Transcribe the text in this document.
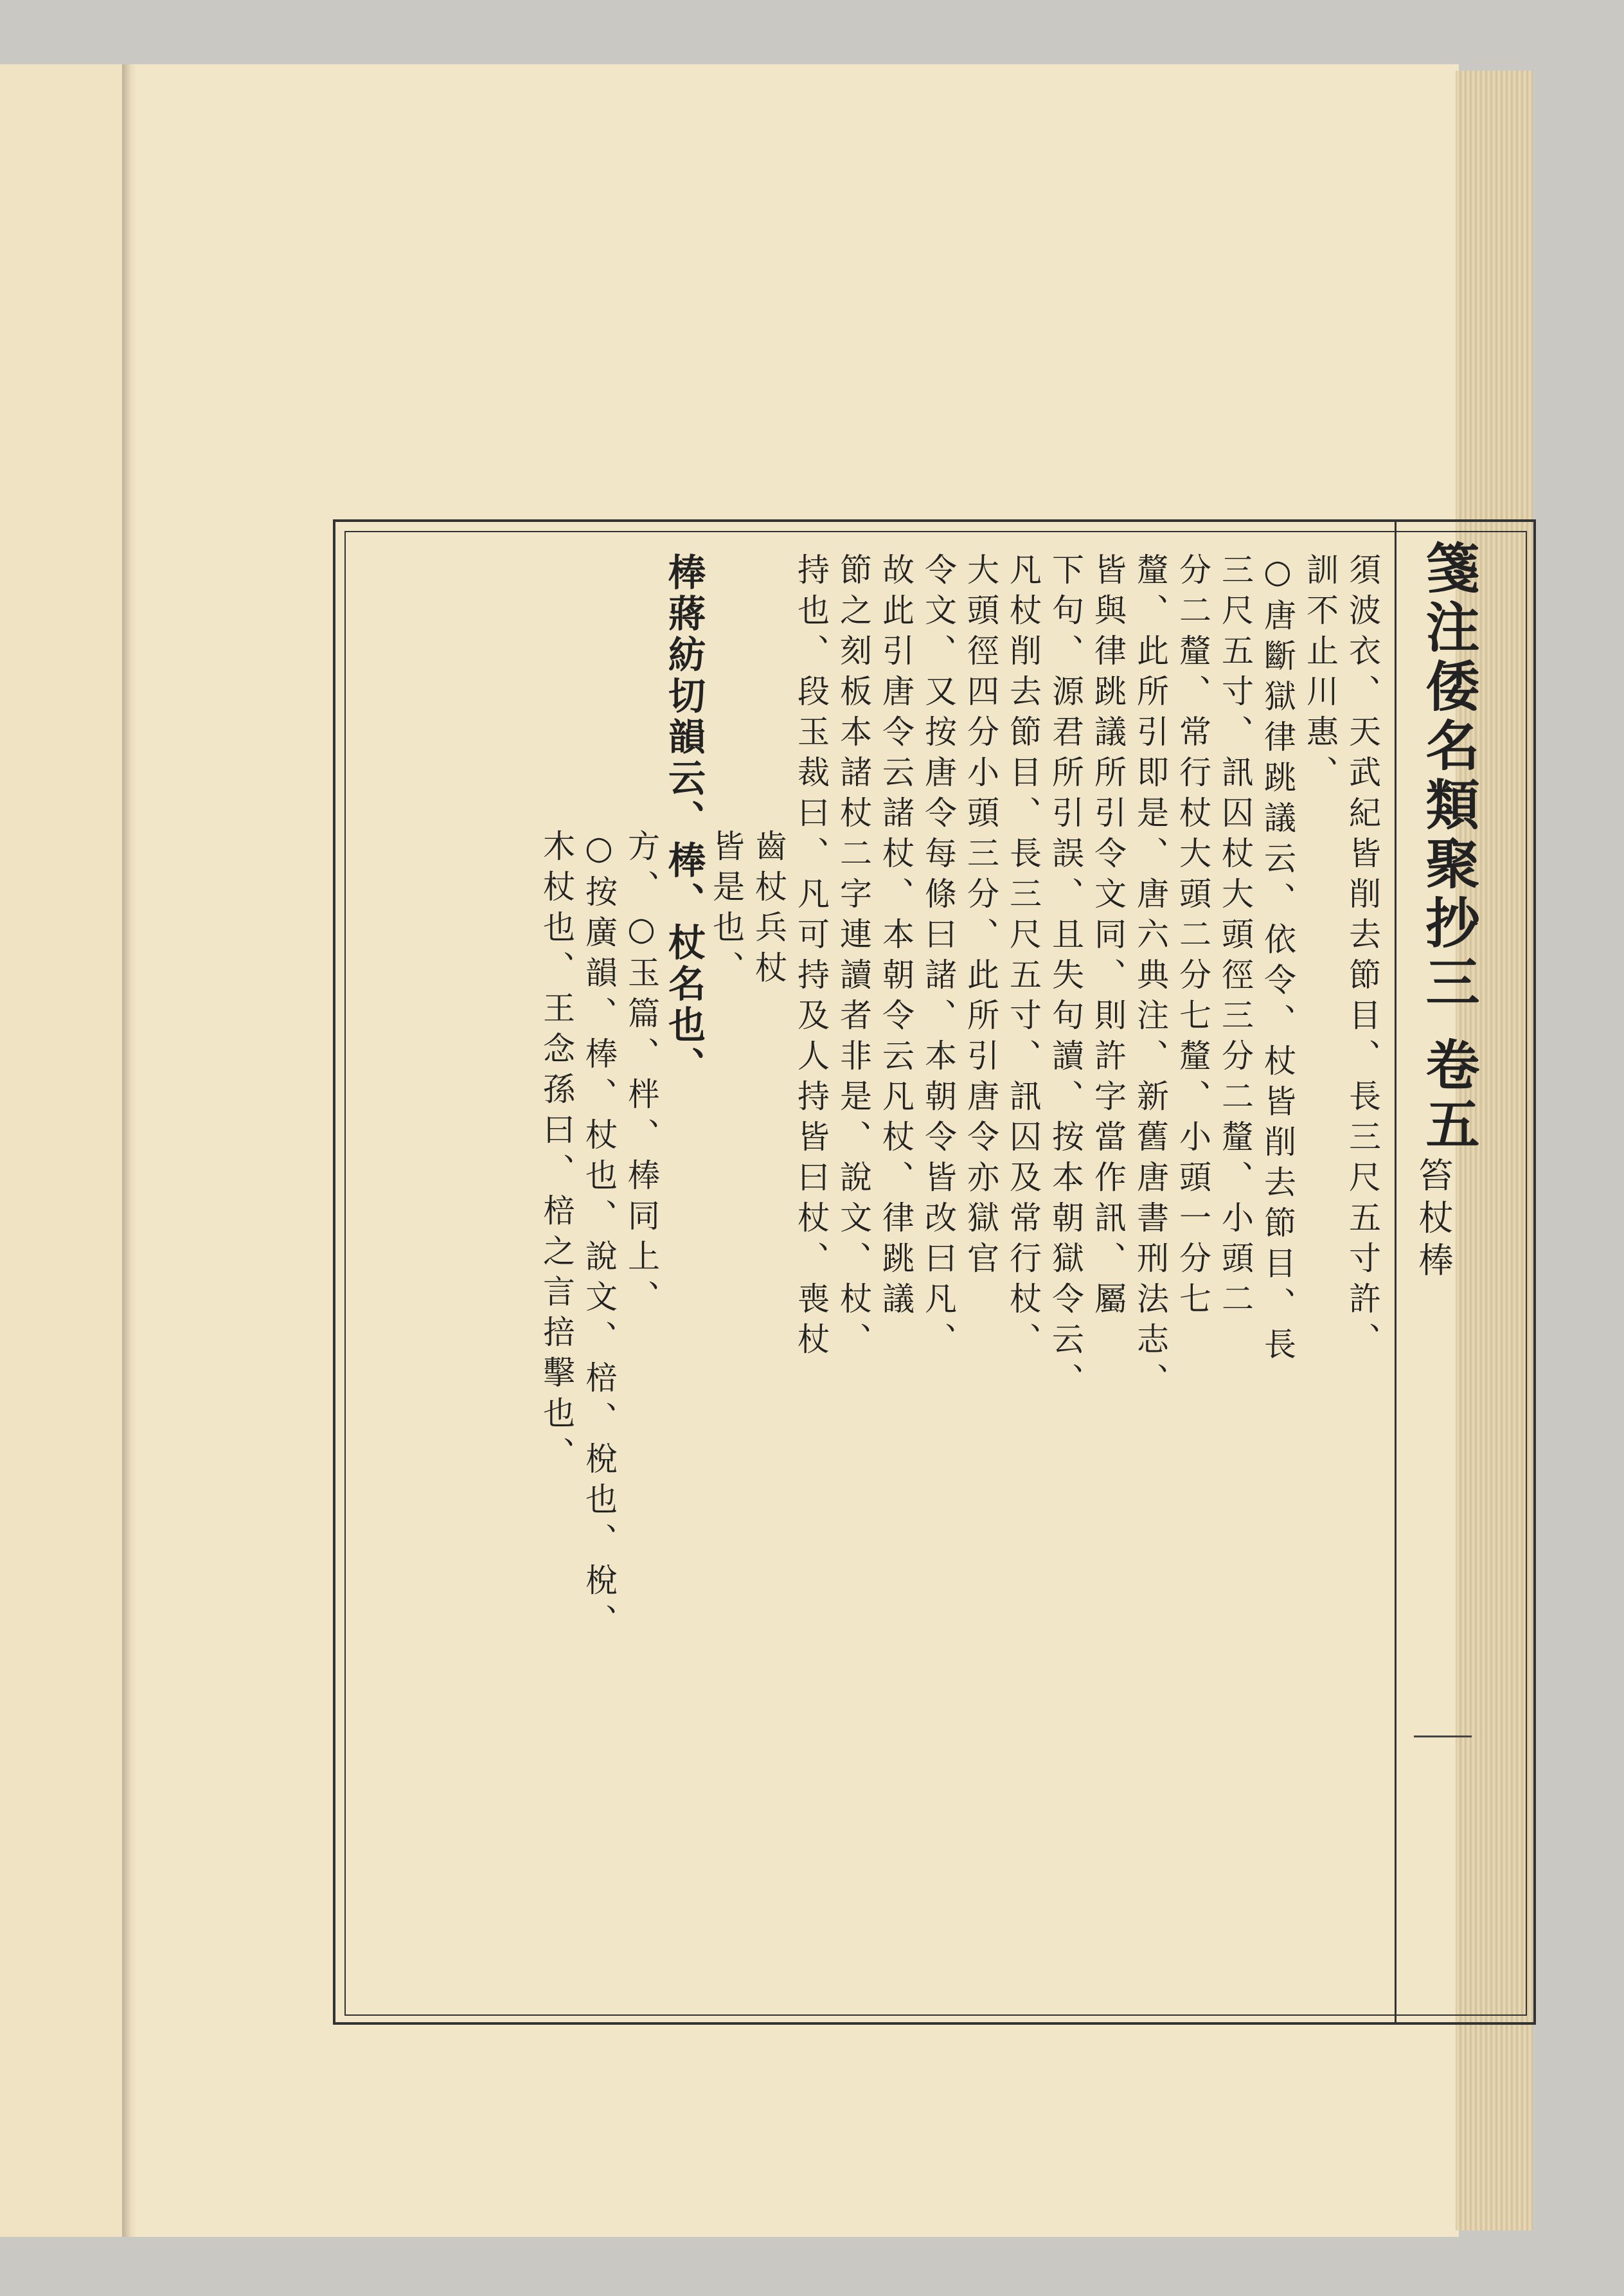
箋注倭名類聚抄三 卷五
笞杖棒
須波衣、天武紀皆削去節目、長三尺五寸許、
訓不止川惠、
○唐斷獄律跳議云、依令、杖皆削去節目、長
三尺五寸、訊囚杖大頭徑三分二釐、小頭二
分二釐、常行杖大頭二分七釐、小頭一分七
釐、此所引即是、唐六典注、新舊唐書刑法志、
皆與律跳議所引令文同、則許字當作訊、屬
下句、源君所引誤、且失句讀、按本朝獄令云、
凡杖削去節目、長三尺五寸、訊囚及常行杖、
大頭徑四分小頭三分、此所引唐令亦獄官
令文、又按唐令每條曰諸、本朝令皆改曰凡、
故此引唐令云諸杖、本朝令云凡杖、律跳議
節之刻板本諸杖二字連讀者非是、說文、杖、
持也、段玉裁曰、凡可持及人持皆曰杖、喪杖
齒杖兵杖
皆是也、
棒蔣紡切韻云、棒、杖名也、
方、○玉篇、柈、棒同上、
○按廣韻、棒、杖也、說文、棓、梲也、梲、
木杖也、王念孫曰、棓之言掊擊也、
